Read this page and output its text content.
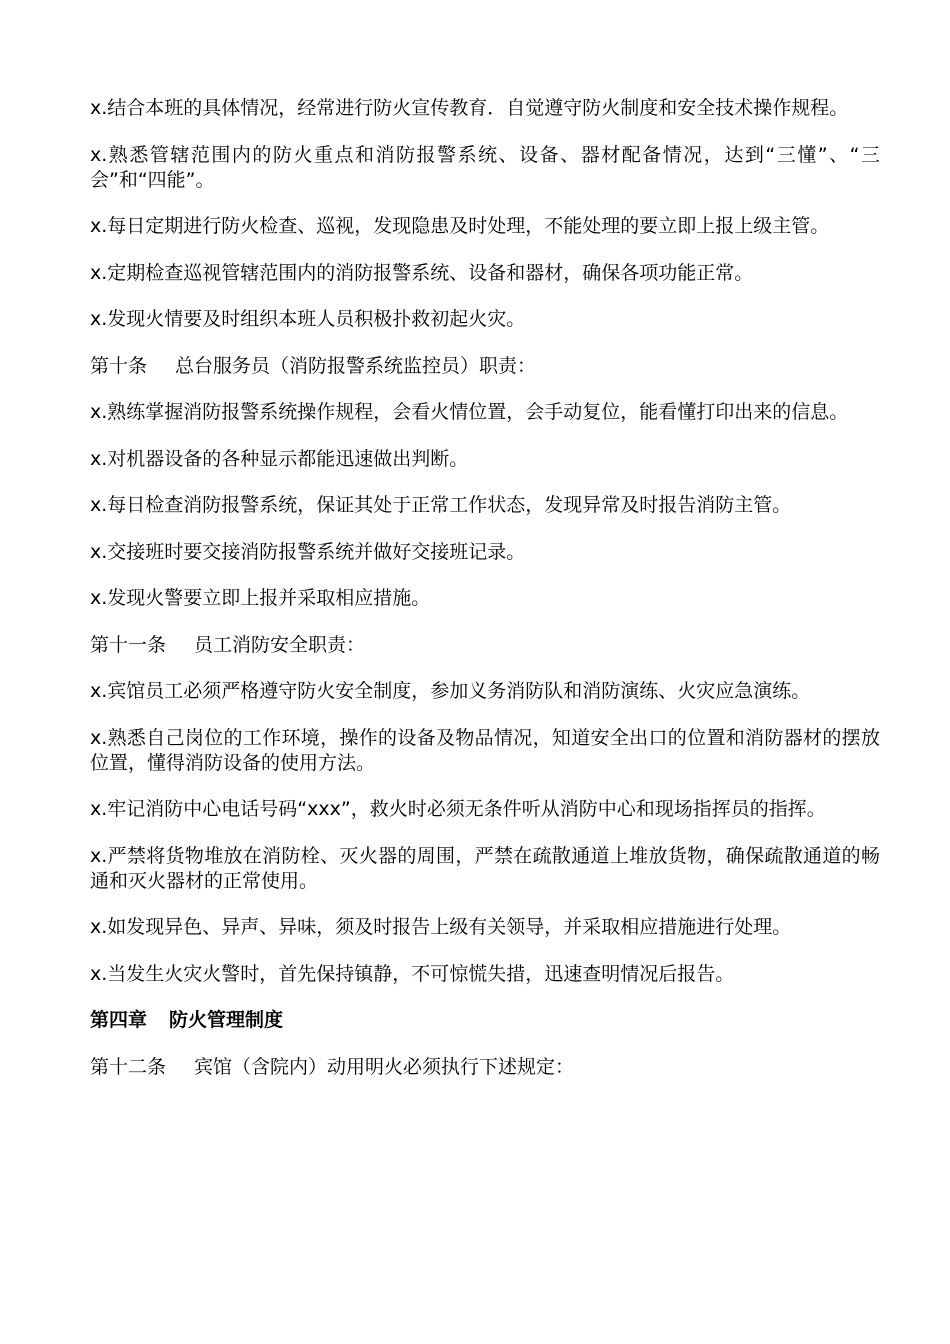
x.结合本班的具体情况，经常进行防火宣传教育．自觉遵守防火制度和安全技术操作规程。

x.熟悉管辖范围内的防火重点和消防报警系统、设备、器材配备情况，达到“三懂”、“三会”和“四能”。

x.每日定期进行防火检查、巡视，发现隐患及时处理，不能处理的要立即上报上级主管。

x.定期检查巡视管辖范围内的消防报警系统、设备和器材，确保各项功能正常。

x.发现火情要及时组织本班人员积极扑救初起火灾。

第十条 总台服务员（消防报警系统监控员）职责：

x.熟练掌握消防报警系统操作规程，会看火情位置，会手动复位，能看懂打印出来的信息。

x.对机器设备的各种显示都能迅速做出判断。

x.每日检查消防报警系统，保证其处于正常工作状态，发现异常及时报告消防主管。

x.交接班时要交接消防报警系统并做好交接班记录。

x.发现火警要立即上报并采取相应措施。

第十一条 员工消防安全职责：

x.宾馆员工必须严格遵守防火安全制度，参加义务消防队和消防演练、火灾应急演练。

x.熟悉自己岗位的工作环境，操作的设备及物品情况，知道安全出口的位置和消防器材的摆放位置，懂得消防设备的使用方法。

x.牢记消防中心电话号码“xxx”，救火时必须无条件听从消防中心和现场指挥员的指挥。

x.严禁将货物堆放在消防栓、灭火器的周围，严禁在疏散通道上堆放货物，确保疏散通道的畅通和灭火器材的正常使用。

x.如发现异色、异声、异味，须及时报告上级有关领导，并采取相应措施进行处理。

x.当发生火灾火警时，首先保持镇静，不可惊慌失措，迅速查明情况后报告。

第四章 防火管理制度

第十二条 宾馆（含院内）动用明火必须执行下述规定：
